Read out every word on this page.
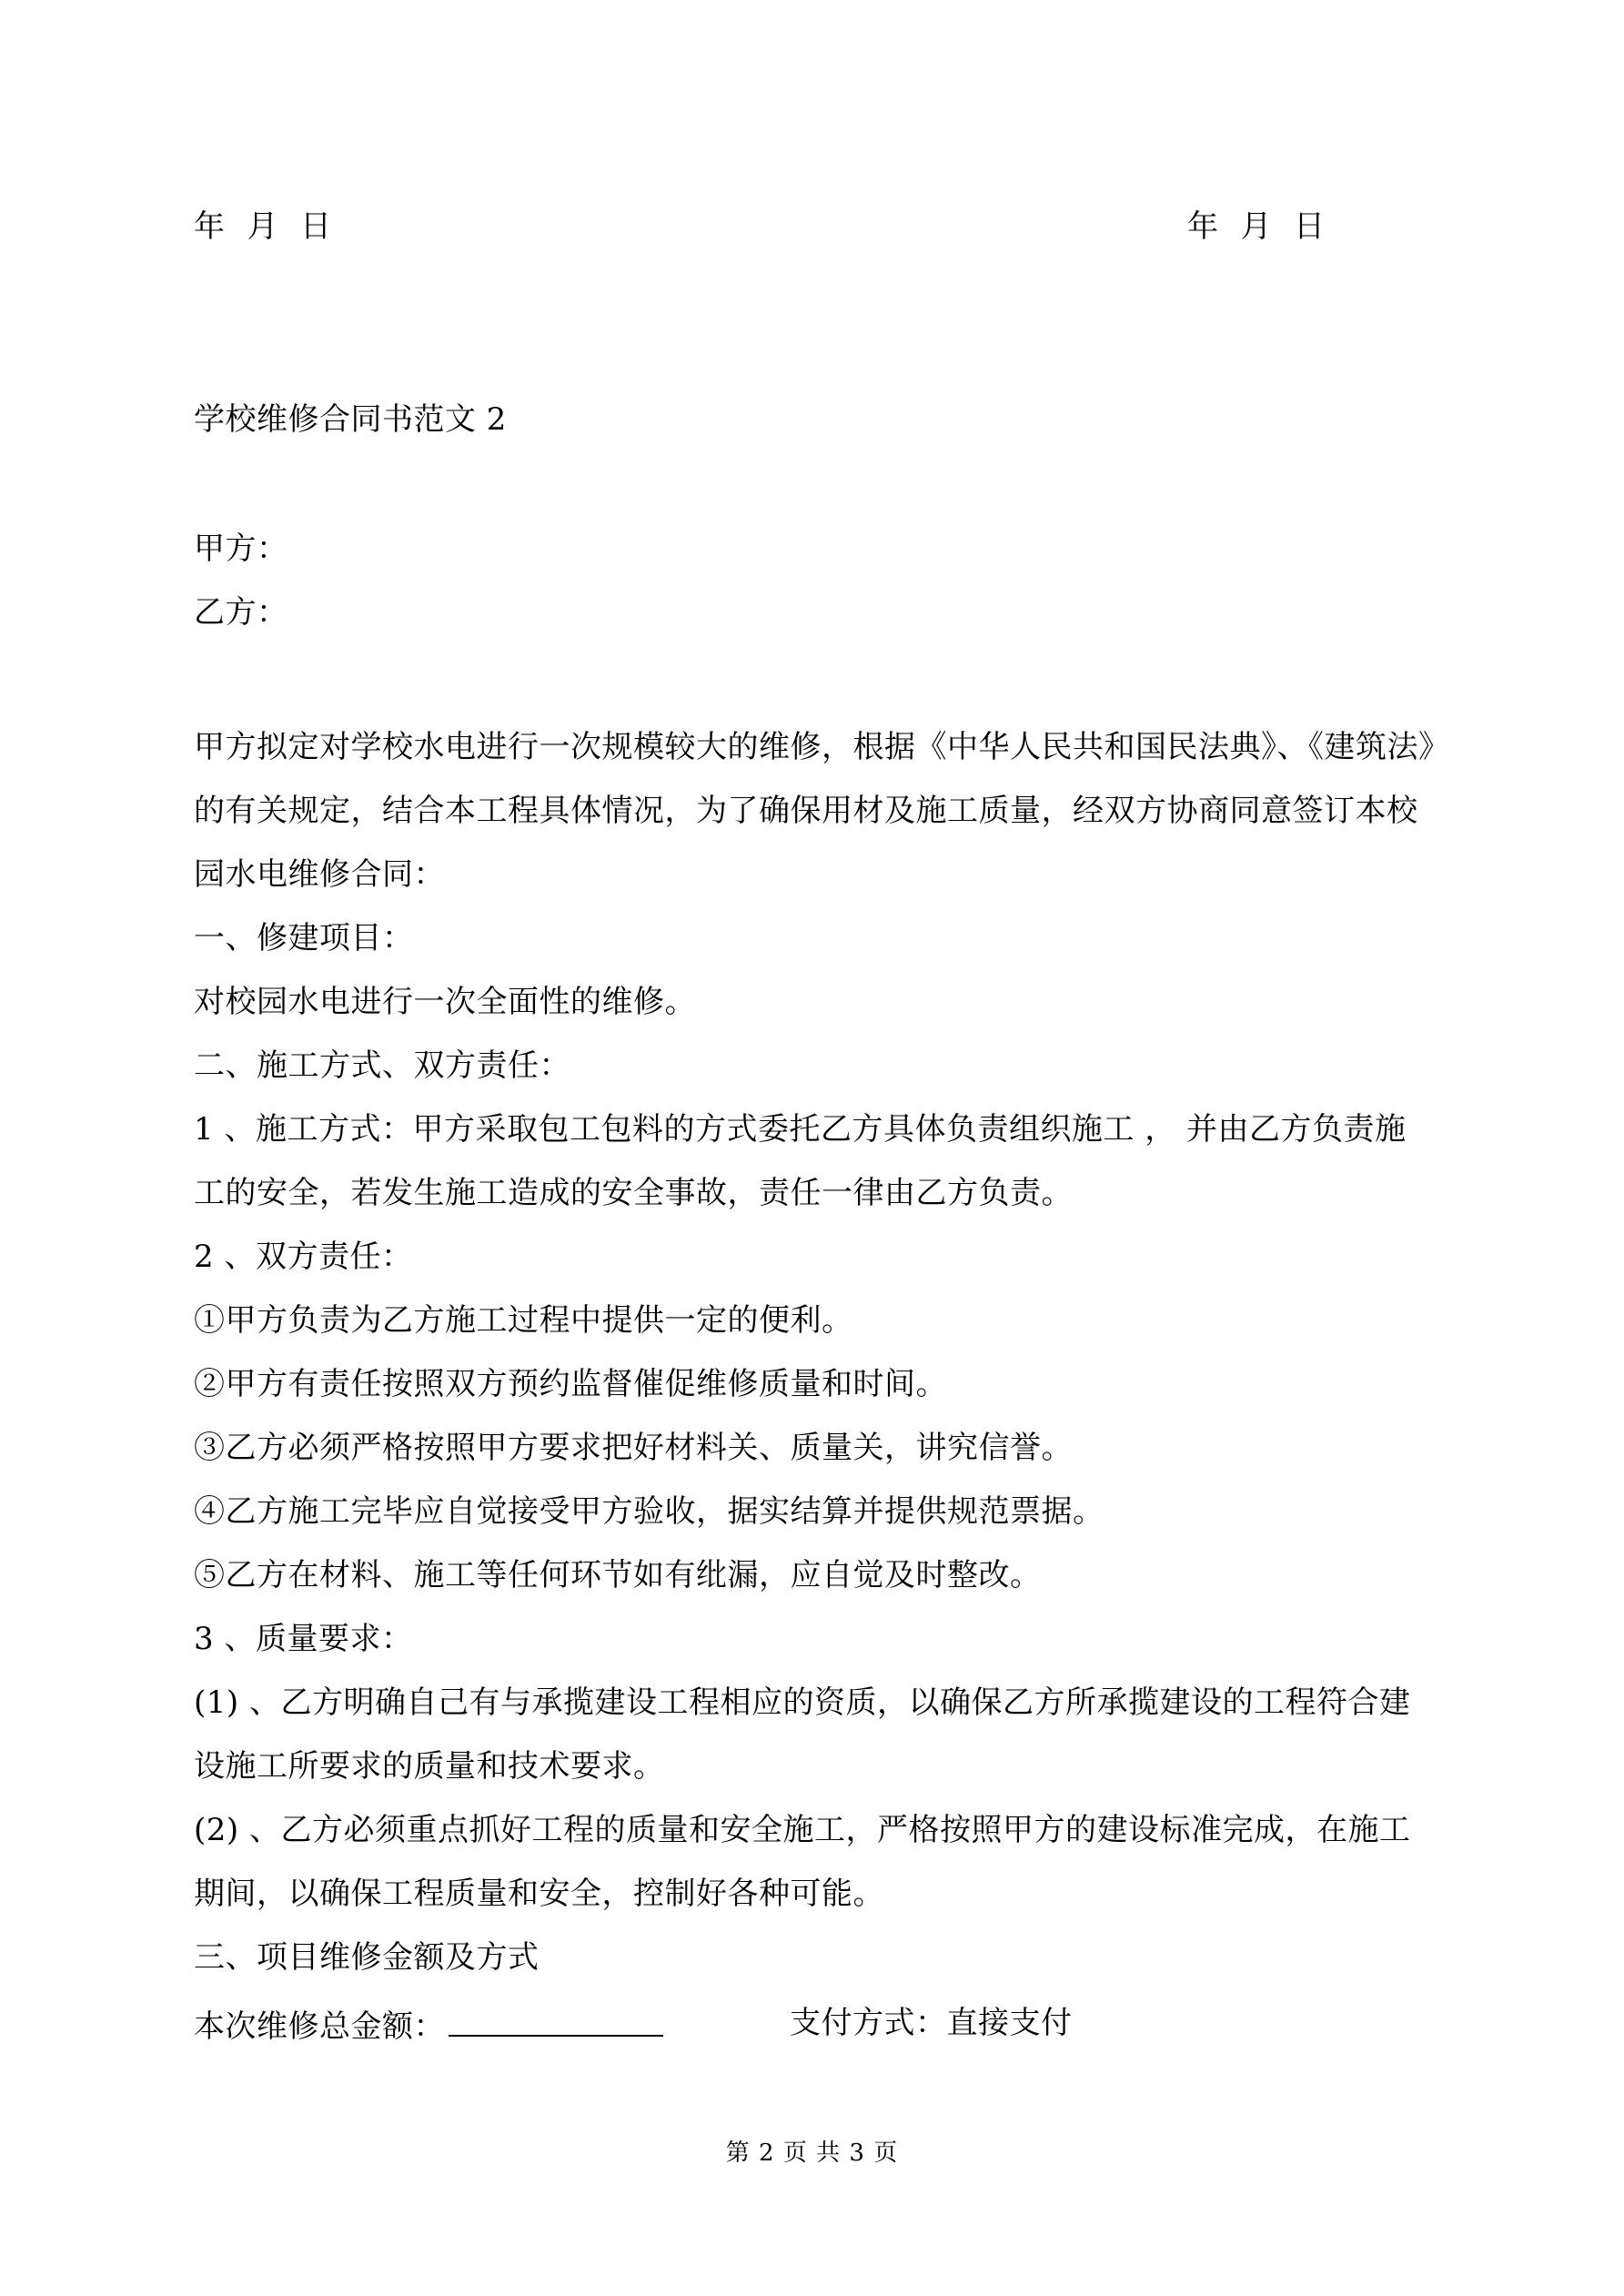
年 月 日	年 月 日
学校维修合同书范文 2
甲方：
乙方：

甲方拟定对学校水电进行一次规模较大的维修，根据《中华人民共和国民法典》、《建筑法》的有关规定，结合本工程具体情况，为了确保用材及施工质量，经双方协商同意签订本校园水电维修合同：

一、修建项目：

对校园水电进行一次全面性的维修。

二、施工方式、双方责任：

1 、施工方式：甲方采取包工包料的方式委托乙方具体负责组织施工 ， 并由乙方负责施工的安全，若发生施工造成的安全事故，责任一律由乙方负责。

2 、双方责任：

①甲方负责为乙方施工过程中提供一定的便利。

②甲方有责任按照双方预约监督催促维修质量和时间。

③乙方必须严格按照甲方要求把好材料关、质量关，讲究信誉。

④乙方施工完毕应自觉接受甲方验收，据实结算并提供规范票据。

⑤乙方在材料、施工等任何环节如有纰漏，应自觉及时整改。

3 、质量要求：

(1) 、乙方明确自己有与承揽建设工程相应的资质，以确保乙方所承揽建设的工程符合建设施工所要求的质量和技术要求。

(2) 、乙方必须重点抓好工程的质量和安全施工，严格按照甲方的建设标准完成，在施工期间，以确保工程质量和安全，控制好各种可能。

三、项目维修金额及方式

本次维修总金额：	支付方式：直接支付
第 2 页 共 3 页
